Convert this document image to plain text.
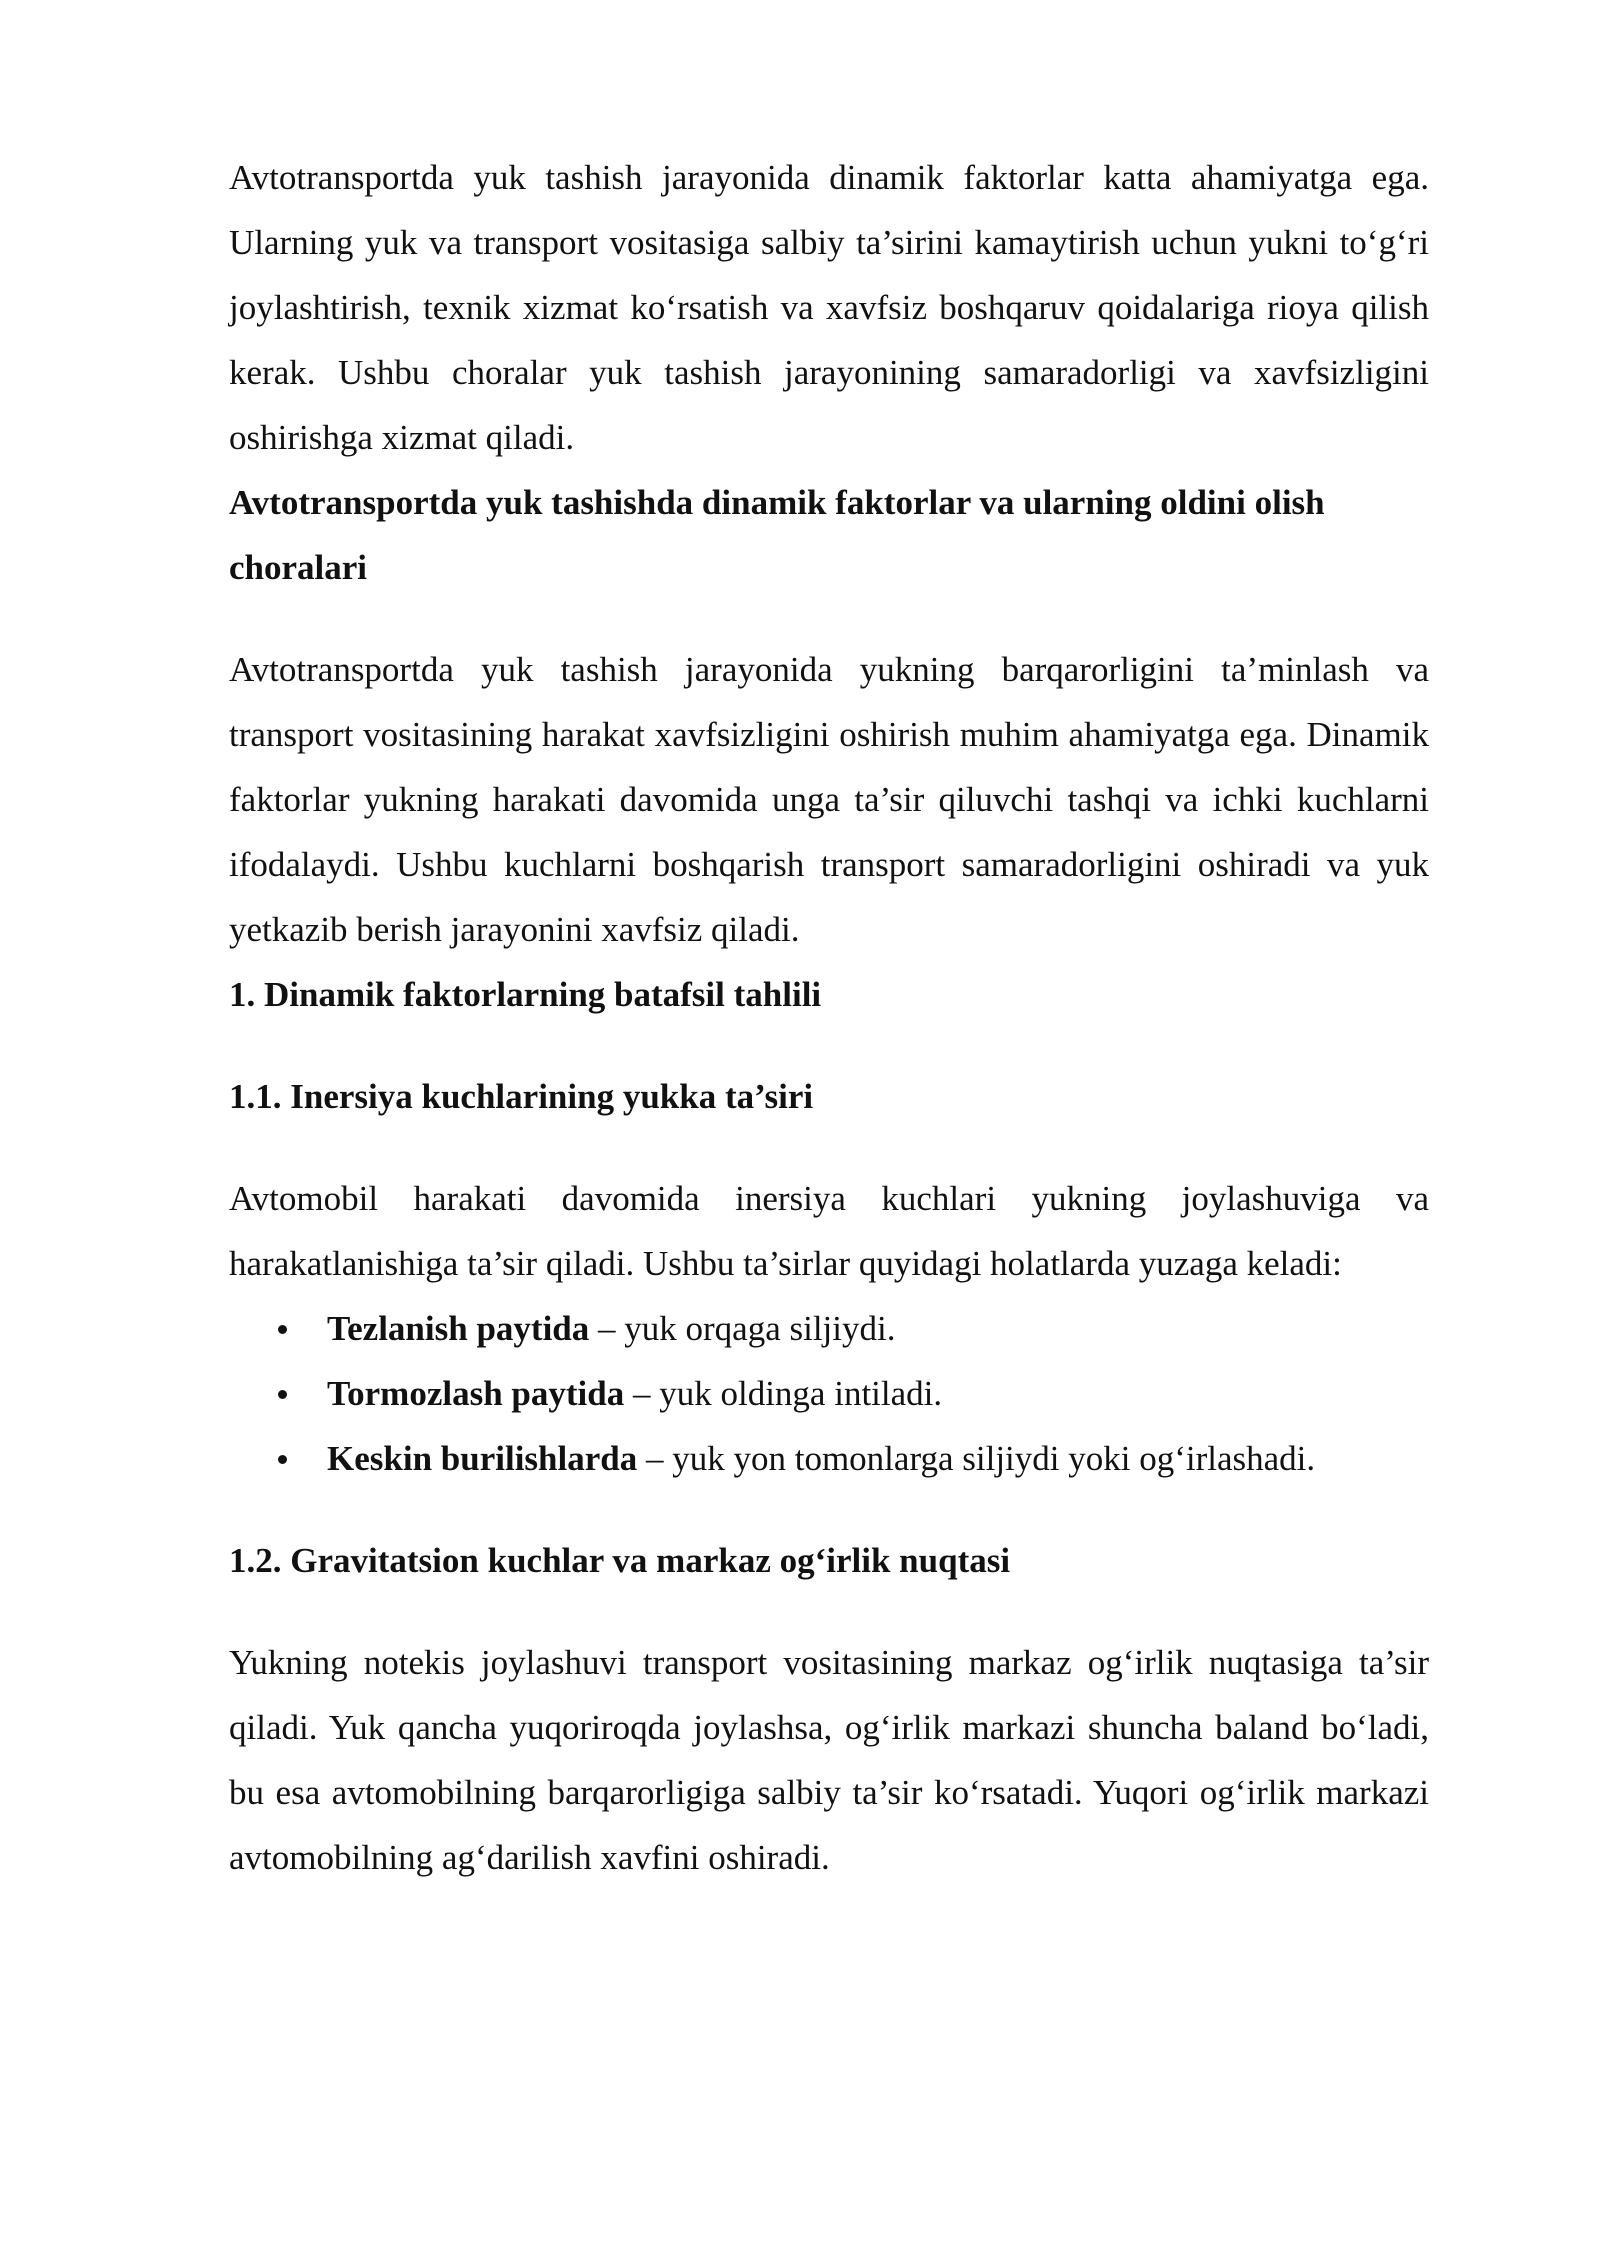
Avtotransportda yuk tashish jarayonida dinamik faktorlar katta ahamiyatga ega. Ularning yuk va transport vositasiga salbiy ta’sirini kamaytirish uchun yukni to‘g‘ri joylashtirish, texnik xizmat ko‘rsatish va xavfsiz boshqaruv qoidalariga rioya qilish kerak. Ushbu choralar yuk tashish jarayonining samaradorligi va xavfsizligini oshirishga xizmat qiladi.

Avtotransportda yuk tashishda dinamik faktorlar va ularning oldini olish choralari

Avtotransportda yuk tashish jarayonida yukning barqarorligini ta’minlash va transport vositasining harakat xavfsizligini oshirish muhim ahamiyatga ega. Dinamik faktorlar yukning harakati davomida unga ta’sir qiluvchi tashqi va ichki kuchlarni ifodalaydi. Ushbu kuchlarni boshqarish transport samaradorligini oshiradi va yuk yetkazib berish jarayonini xavfsiz qiladi.

1. Dinamik faktorlarning batafsil tahlili

1.1. Inersiya kuchlarining yukka ta’siri

Avtomobil harakati davomida inersiya kuchlari yukning joylashuviga va harakatlanishiga ta’sir qiladi. Ushbu ta’sirlar quyidagi holatlarda yuzaga keladi:

Tezlanish paytida – yuk orqaga siljiydi.
Tormozlash paytida – yuk oldinga intiladi.
Keskin burilishlarda – yuk yon tomonlarga siljiydi yoki og‘irlashadi.

1.2. Gravitatsion kuchlar va markaz og‘irlik nuqtasi

Yukning notekis joylashuvi transport vositasining markaz og‘irlik nuqtasiga ta’sir qiladi. Yuk qancha yuqoriroqda joylashsa, og‘irlik markazi shuncha baland bo‘ladi, bu esa avtomobilning barqarorligiga salbiy ta’sir ko‘rsatadi. Yuqori og‘irlik markazi avtomobilning ag‘darilish xavfini oshiradi.
